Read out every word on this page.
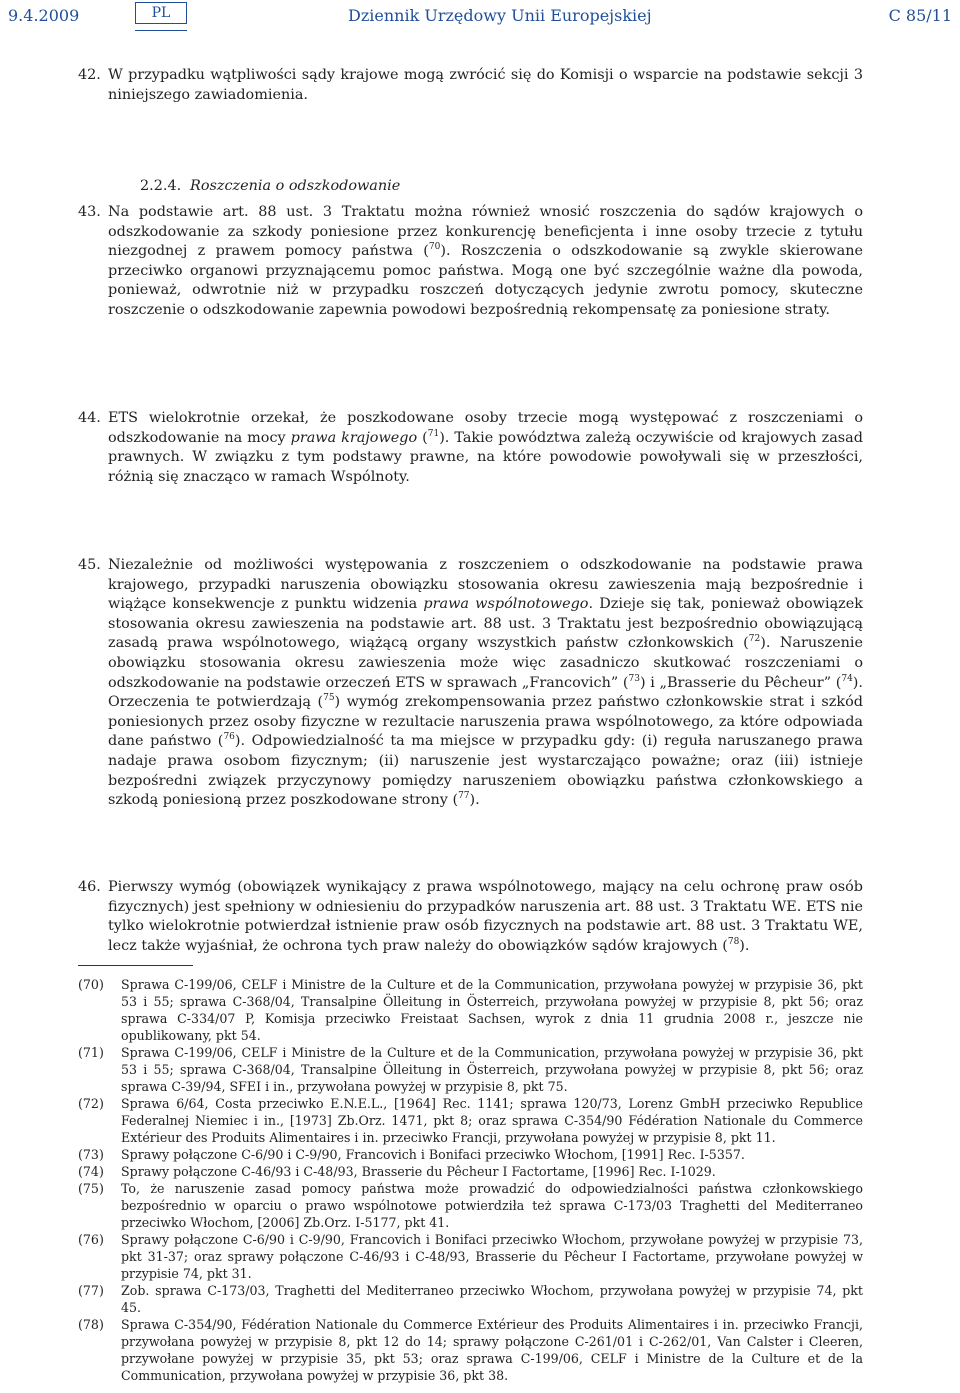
9.4.2009	PL	Dziennik Urzędowy Unii Europejskiej	C 85/11
42. W przypadku wątpliwości sądy krajowe mogą zwrócić się do Komisji o wsparcie na podstawie sekcji 3 niniejszego zawiadomienia.
2.2.4. Roszczenia o odszkodowanie
43. Na podstawie art. 88 ust. 3 Traktatu można również wnosić roszczenia do sądów krajowych o odszkodowanie za szkody poniesione przez konkurencję beneficjenta i inne osoby trzecie z tytułu niezgodnej z prawem pomocy państwa ($^{70}$). Roszczenia o odszkodowanie są zwykle skierowane przeciwko organowi przyznającemu pomoc państwa. Mogą one być szczególnie ważne dla powoda, ponieważ, odwrotnie niż w przypadku roszczeń dotyczących jedynie zwrotu pomocy, skuteczne roszczenie o odszkodowanie zapewnia powodowi bezpośrednią rekompensatę za poniesione straty.
44. ETS wielokrotnie orzekał, że poszkodowane osoby trzecie mogą występować z roszczeniami o odszkodowanie na mocy prawa krajowego ($^{71}$). Takie powództwa zależą oczywiście od krajowych zasad prawnych. W związku z tym podstawy prawne, na które powodowie powoływali się w przeszłości, różnią się znacząco w ramach Wspólnoty.
45. Niezależnie od możliwości występowania z roszczeniem o odszkodowanie na podstawie prawa krajowego, przypadki naruszenia obowiązku stosowania okresu zawieszenia mają bezpośrednie i wiążące konsekwencje z punktu widzenia prawa wspólnotowego. Dzieje się tak, ponieważ obowiązek stosowania okresu zawieszenia na podstawie art. 88 ust. 3 Traktatu jest bezpośrednio obowiązującą zasadą prawa wspólnotowego, wiążącą organy wszystkich państw członkowskich ($^{72}$). Naruszenie obowiązku stosowania okresu zawieszenia może więc zasadniczo skutkować roszczeniami o odszkodowanie na podstawie orzeczeń ETS w sprawach „Francovich” ($^{73}$) i „Brasserie du Pêcheur” ($^{74}$). Orzeczenia te potwierdzają ($^{75}$) wymóg zrekompensowania przez państwo członkowskie strat i szkód poniesionych przez osoby fizyczne w rezultacie naruszenia prawa wspólnotowego, za które odpowiada dane państwo ($^{76}$). Odpowiedzialność ta ma miejsce w przypadku gdy: (i) reguła naruszanego prawa nadaje prawa osobom fizycznym; (ii) naruszenie jest wystarczająco poważne; oraz (iii) istnieje bezpośredni związek przyczynowy pomiędzy naruszeniem obowiązku państwa członkowskiego a szkodą poniesioną przez poszkodowane strony ($^{77}$).
46. Pierwszy wymóg (obowiązek wynikający z prawa wspólnotowego, mający na celu ochronę praw osób fizycznych) jest spełniony w odniesieniu do przypadków naruszenia art. 88 ust. 3 Traktatu WE. ETS nie tylko wielokrotnie potwierdzał istnienie praw osób fizycznych na podstawie art. 88 ust. 3 Traktatu WE, lecz także wyjaśniał, że ochrona tych praw należy do obowiązków sądów krajowych ($^{78}$).

(70) Sprawa C-199/06, CELF i Ministre de la Culture et de la Communication, przywołana powyżej w przypisie 36, pkt 53 i 55; sprawa C-368/04, Transalpine Ölleitung in Österreich, przywołana powyżej w przypisie 8, pkt 56; oraz sprawa C-334/07 P, Komisja przeciwko Freistaat Sachsen, wyrok z dnia 11 grudnia 2008 r., jeszcze nie opublikowany, pkt 54.

(71) Sprawa C-199/06, CELF i Ministre de la Culture et de la Communication, przywołana powyżej w przypisie 36, pkt 53 i 55; sprawa C-368/04, Transalpine Ölleitung in Österreich, przywołana powyżej w przypisie 8, pkt 56; oraz sprawa C-39/94, SFEI i in., przywołana powyżej w przypisie 8, pkt 75.

(72) Sprawa 6/64, Costa przeciwko E.N.E.L., [1964] Rec. 1141; sprawa 120/73, Lorenz GmbH przeciwko Republice Federalnej Niemiec i in., [1973] Zb.Orz. 1471, pkt 8; oraz sprawa C-354/90 Fédération Nationale du Commerce Extérieur des Produits Alimentaires i in. przeciwko Francji, przywołana powyżej w przypisie 8, pkt 11.

(73) Sprawy połączone C-6/90 i C-9/90, Francovich i Bonifaci przeciwko Włochom, [1991] Rec. I-5357.

(74) Sprawy połączone C-46/93 i C-48/93, Brasserie du Pêcheur I Factortame, [1996] Rec. I-1029.

(75) To, że naruszenie zasad pomocy państwa może prowadzić do odpowiedzialności państwa członkowskiego bezpośrednio w oparciu o prawo wspólnotowe potwierdziła też sprawa C-173/03 Traghetti del Mediterraneo przeciwko Włochom, [2006] Zb.Orz. I-5177, pkt 41.

(76) Sprawy połączone C-6/90 i C-9/90, Francovich i Bonifaci przeciwko Włochom, przywołane powyżej w przypisie 73, pkt 31-37; oraz sprawy połączone C-46/93 i C-48/93, Brasserie du Pêcheur I Factortame, przywołane powyżej w przypisie 74, pkt 31.

(77) Zob. sprawa C-173/03, Traghetti del Mediterraneo przeciwko Włochom, przywołana powyżej w przypisie 74, pkt 45.

(78) Sprawa C-354/90, Fédération Nationale du Commerce Extérieur des Produits Alimentaires i in. przeciwko Francji, przywołana powyżej w przypisie 8, pkt 12 do 14; sprawy połączone C-261/01 i C-262/01, Van Calster i Cleeren, przywołane powyżej w przypisie 35, pkt 53; oraz sprawa C-199/06, CELF i Ministre de la Culture et de la Communication, przywołana powyżej w przypisie 36, pkt 38.
